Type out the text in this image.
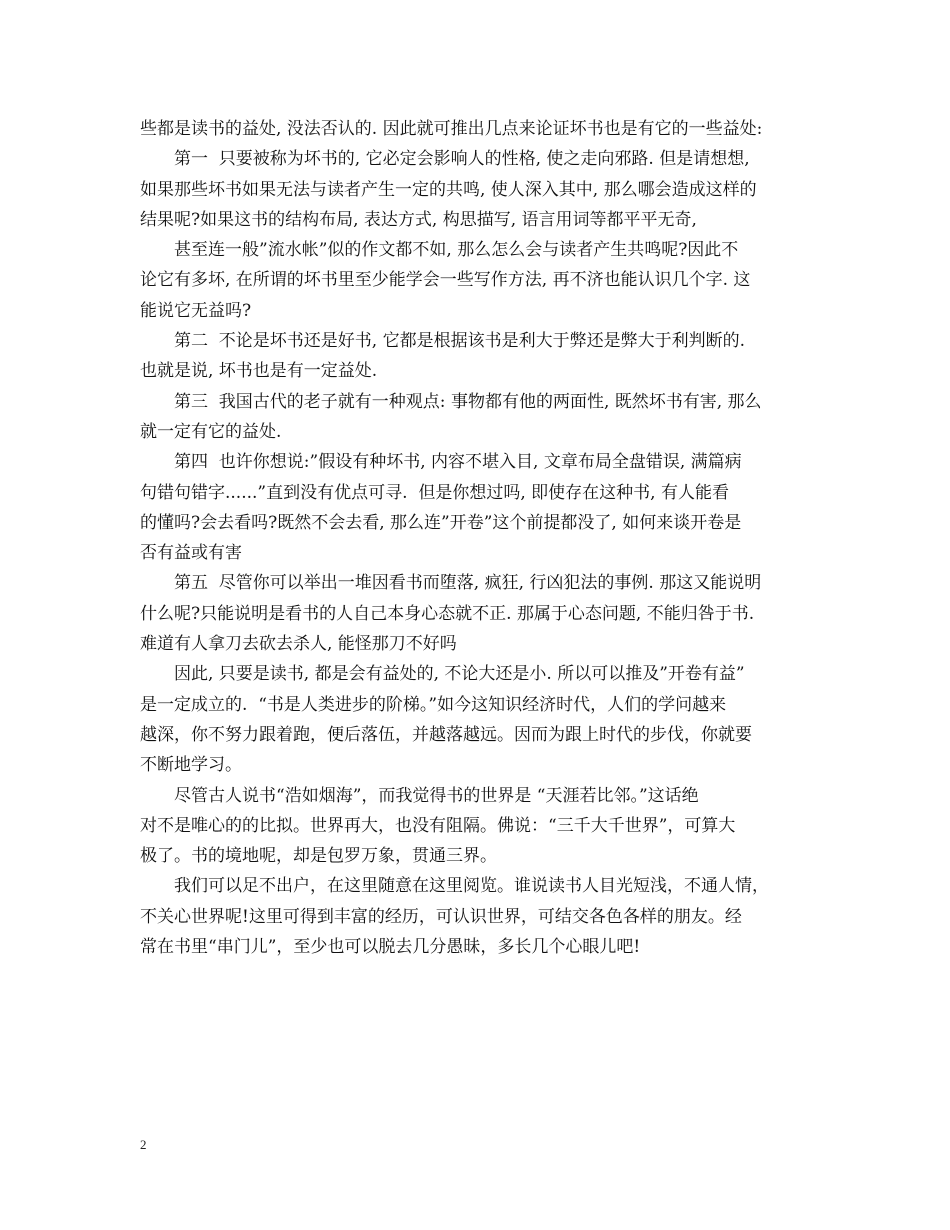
些都是读书的益处, 没法否认的. 因此就可推出几点来论证坏书也是有它的一些益处:
第一  只要被称为坏书的, 它必定会影响人的性格, 使之走向邪路. 但是请想想,
如果那些坏书如果无法与读者产生一定的共鸣, 使人深入其中, 那么哪会造成这样的
结果呢?如果这书的结构布局, 表达方式, 构思描写, 语言用词等都平平无奇,
甚至连一般”流水帐”似的作文都不如, 那么怎么会与读者产生共鸣呢?因此不
论它有多坏, 在所谓的坏书里至少能学会一些写作方法, 再不济也能认识几个字. 这
能说它无益吗?
第二  不论是坏书还是好书, 它都是根据该书是利大于弊还是弊大于利判断的.
也就是说, 坏书也是有一定益处.
第三  我国古代的老子就有一种观点: 事物都有他的两面性, 既然坏书有害, 那么
就一定有它的益处.
第四  也许你想说:”假设有种坏书, 内容不堪入目, 文章布局全盘错误, 满篇病
句错句错字......”直到没有优点可寻.  但是你想过吗, 即使存在这种书, 有人能看
的懂吗?会去看吗?既然不会去看, 那么连”开卷”这个前提都没了, 如何来谈开卷是
否有益或有害
第五  尽管你可以举出一堆因看书而堕落, 疯狂, 行凶犯法的事例. 那这又能说明
什么呢?只能说明是看书的人自己本身心态就不正. 那属于心态问题, 不能归咎于书.
难道有人拿刀去砍去杀人, 能怪那刀不好吗
因此, 只要是读书, 都是会有益处的, 不论大还是小. 所以可以推及”开卷有益”
是一定成立的.  “书是人类进步的阶梯。”如今这知识经济时代，人们的学问越来
越深，你不努力跟着跑，便后落伍，并越落越远。因而为跟上时代的步伐，你就要
不断地学习。
尽管古人说书“浩如烟海”，而我觉得书的世界是 “天涯若比邻。”这话绝
对不是唯心的的比拟。世界再大，也没有阻隔。佛说：“三千大千世界”，可算大
极了。书的境地呢，却是包罗万象，贯通三界。
我们可以足不出户，在这里随意在这里阅览。谁说读书人目光短浅，不通人情，
不关心世界呢!这里可得到丰富的经历，可认识世界，可结交各色各样的朋友。经
常在书里“串门儿”，至少也可以脱去几分愚昧，多长几个心眼儿吧!
2
